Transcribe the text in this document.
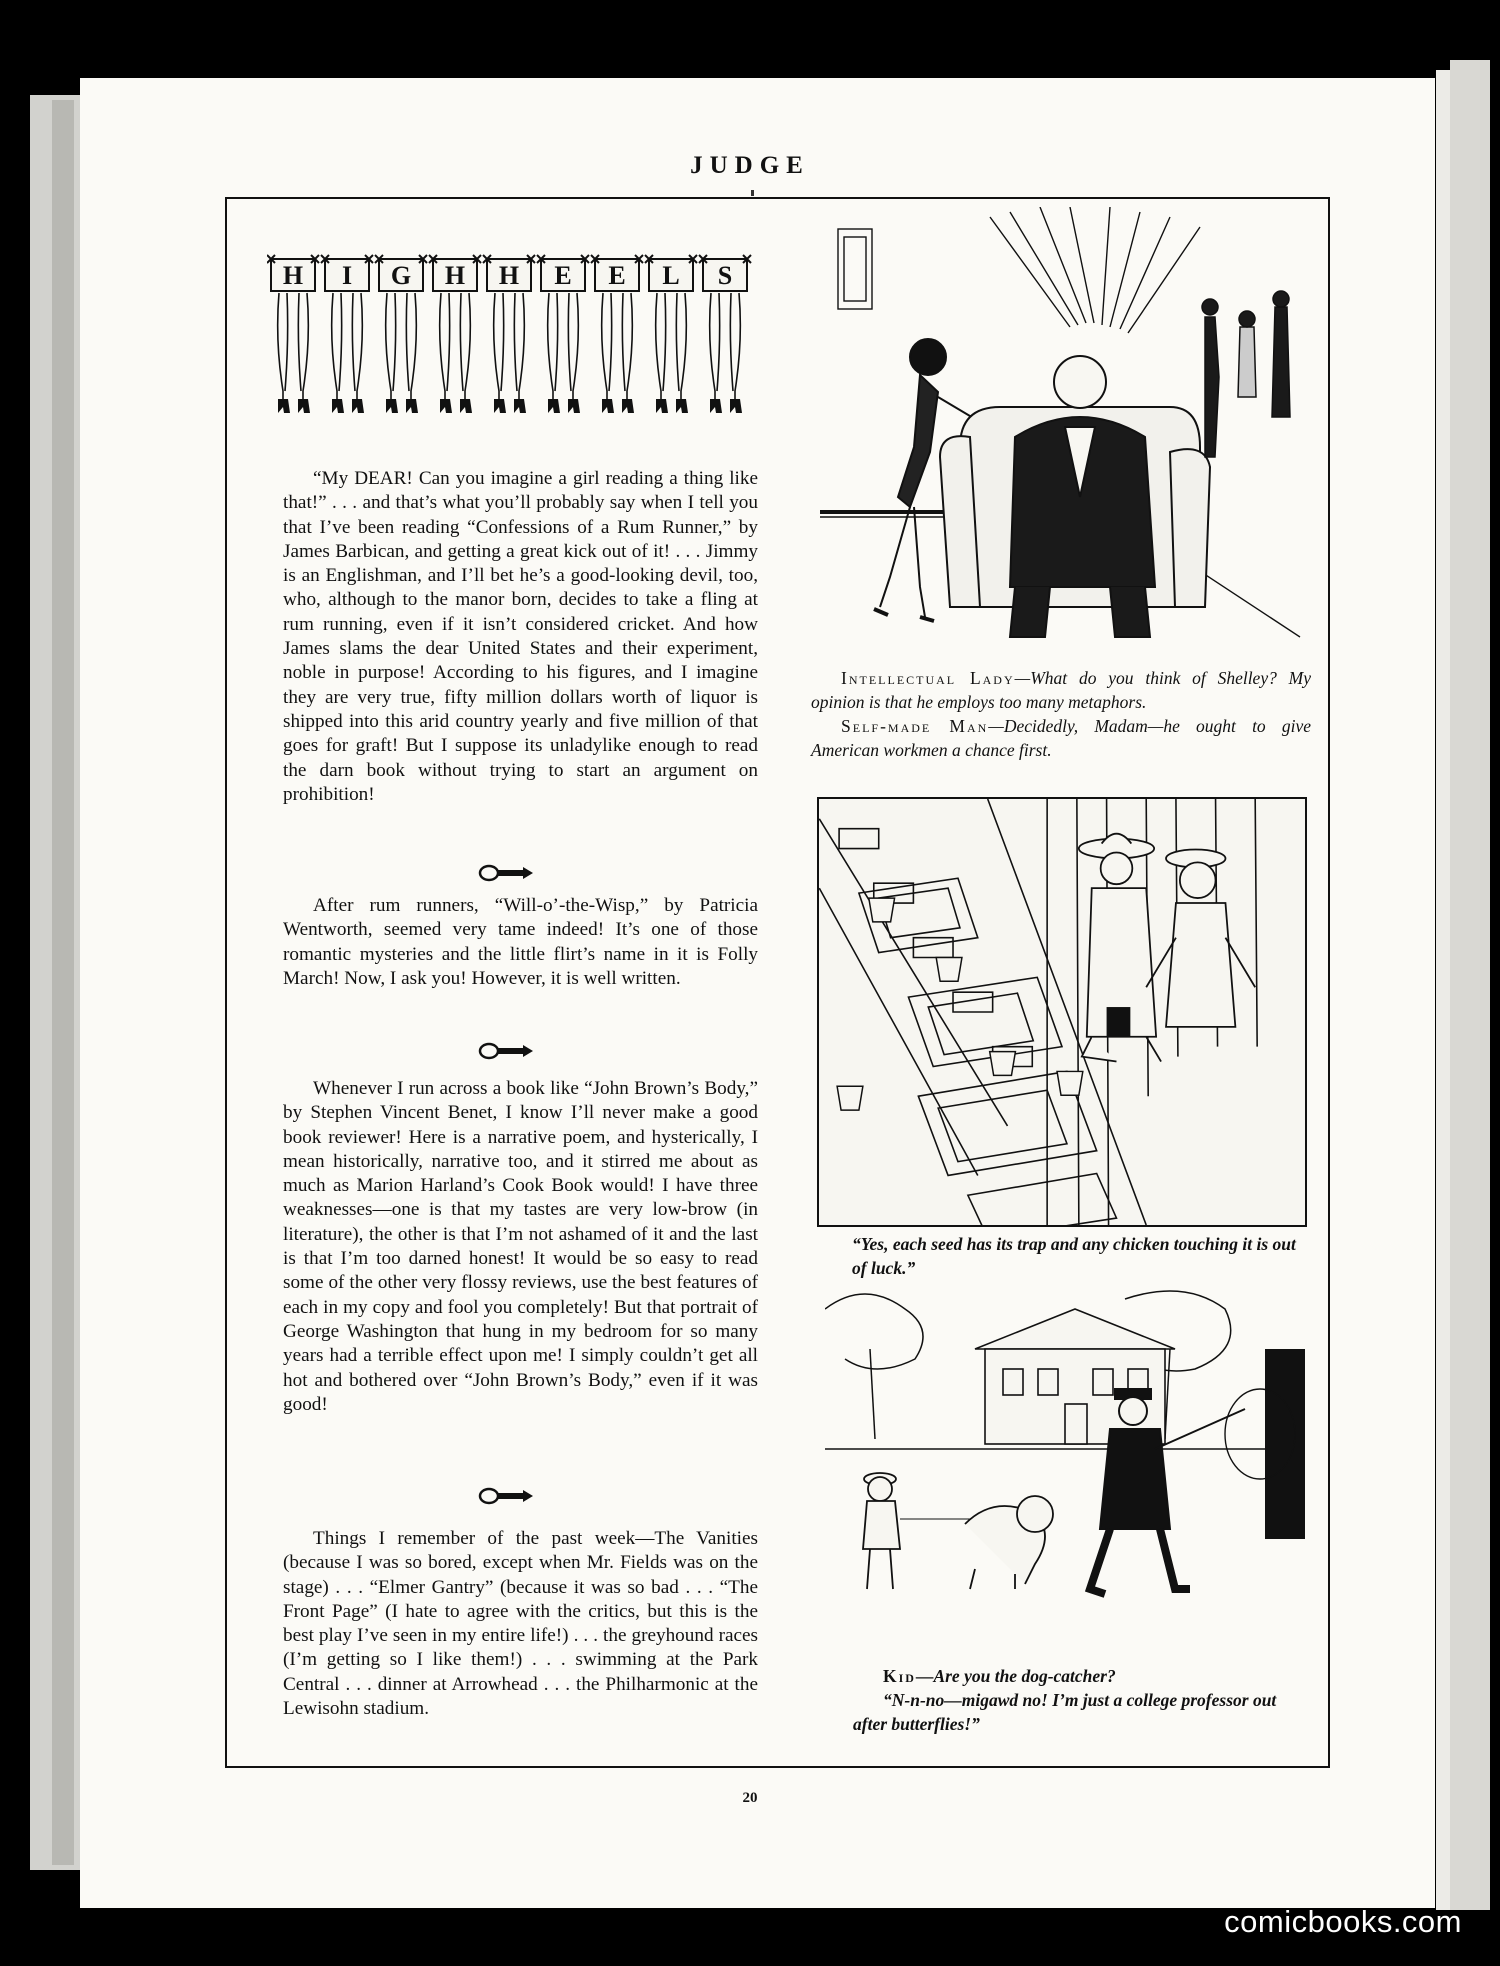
JUDGE
H I G H H E E L S
“My DEAR! Can you imagine a girl reading a thing like that!” . . . and that’s what you’ll probably say when I tell you that I’ve been reading “Confessions of a Rum Runner,” by James Barbican, and getting a great kick out of it! . . . Jimmy is an Englishman, and I’ll bet he’s a good-looking devil, too, who, although to the manor born, decides to take a fling at rum running, even if it isn’t considered cricket. And how James slams the dear United States and their experiment, noble in purpose! According to his figures, and I imagine they are very true, fifty million dollars worth of liquor is shipped into this arid country yearly and five million of that goes for graft! But I suppose its unladylike enough to read the darn book without trying to start an argument on prohibition!
After rum runners, “Will-o’-the-Wisp,” by Patricia Wentworth, seemed very tame indeed! It’s one of those romantic mysteries and the little flirt’s name in it is Folly March! Now, I ask you! However, it is well written.
Whenever I run across a book like “John Brown’s Body,” by Stephen Vincent Benet, I know I’ll never make a good book reviewer! Here is a narrative poem, and hysterically, I mean historically, narrative too, and it stirred me about as much as Marion Harland’s Cook Book would! I have three weaknesses—one is that my tastes are very low-brow (in literature), the other is that I’m not ashamed of it and the last is that I’m too darned honest! It would be so easy to read some of the other very flossy reviews, use the best features of each in my copy and fool you completely! But that portrait of George Washington that hung in my bedroom for so many years had a terrible effect upon me! I simply couldn’t get all hot and bothered over “John Brown’s Body,” even if it was good!
Things I remember of the past week—The Vanities (because I was so bored, except when Mr. Fields was on the stage) . . . “Elmer Gantry” (because it was so bad . . . “The Front Page” (I hate to agree with the critics, but this is the best play I’ve seen in my entire life!) . . . the greyhound races (I’m getting so I like them!) . . . swimming at the Park Central . . . dinner at Arrowhead . . . the Philharmonic at the Lewisohn stadium.

Intellectual Lady—What do you think of Shelley? My opinion is that he employs too many metaphors.
Self-made Man—Decidedly, Madam—he ought to give American workmen a chance first.

“Yes, each seed has its trap and any chicken touching it is out of luck.”

Kid—Are you the dog-catcher?
“N-n-no—migawd no! I’m just a college professor out after butterflies!”

20
comicbooks.com
